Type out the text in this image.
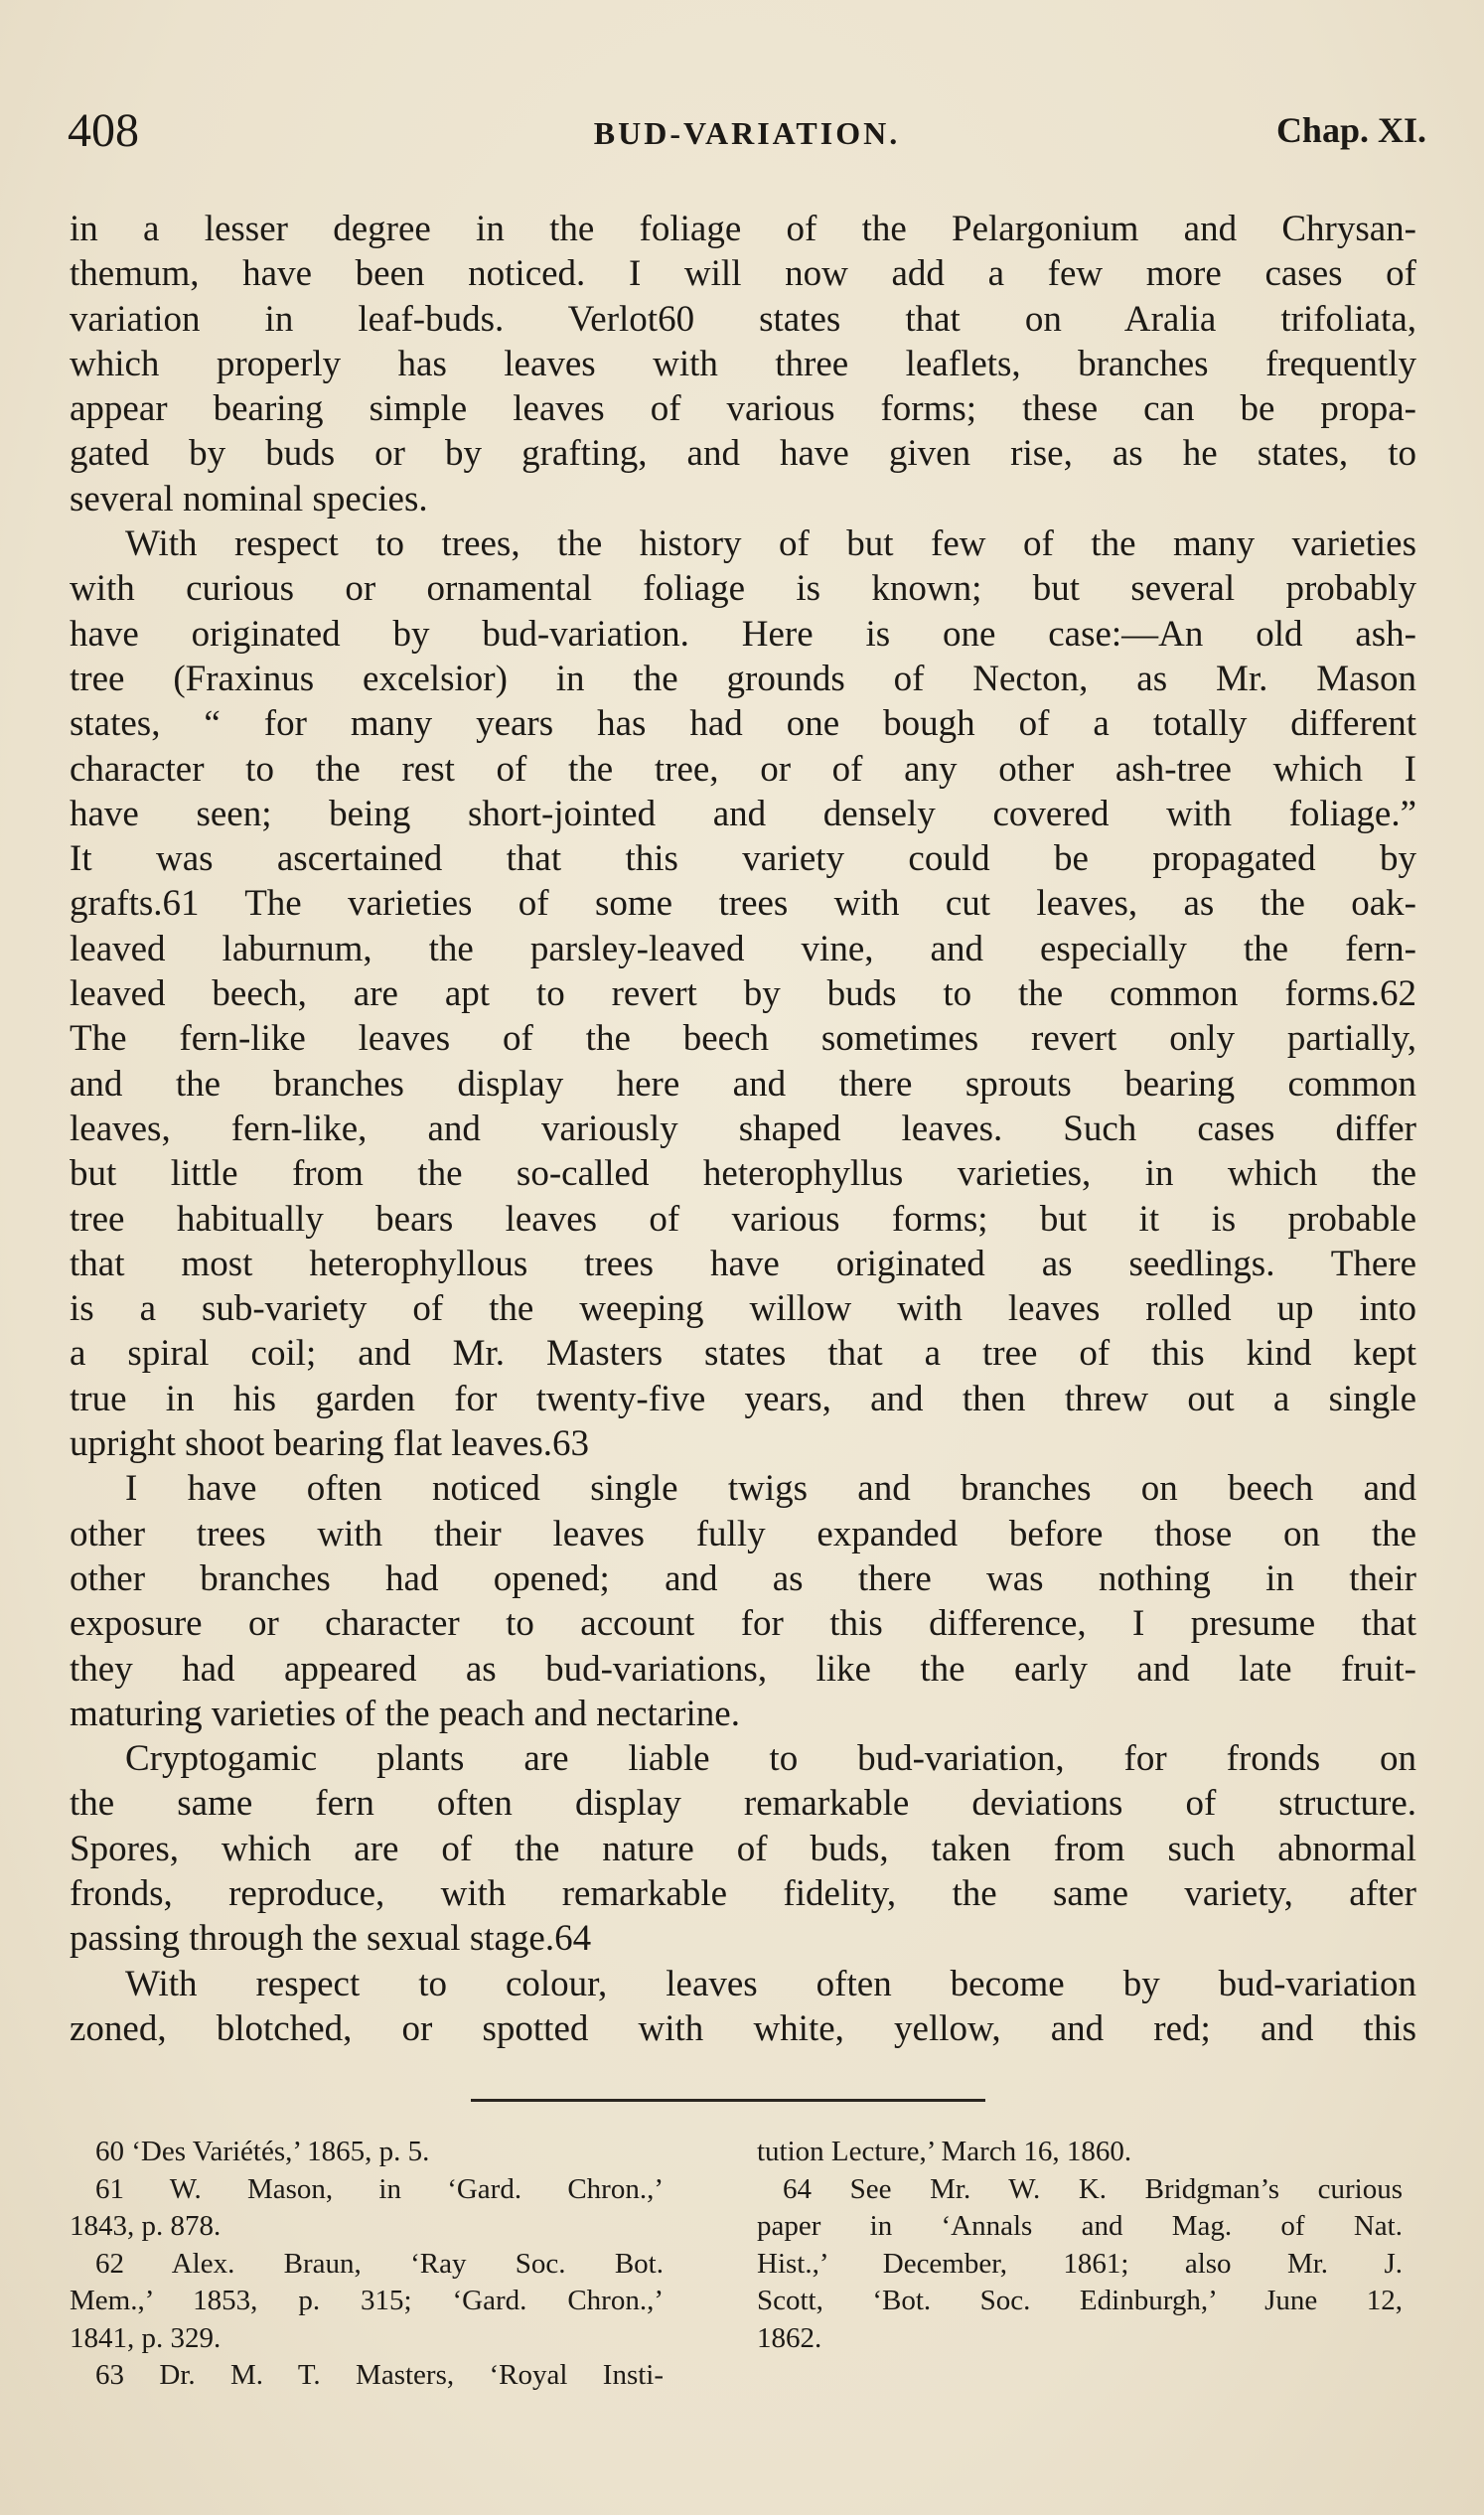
408	BUD-VARIATION.	Chap. XI.
in a lesser degree in the foliage of the Pelargonium and Chrysan-
themum, have been noticed. I will now add a few more cases of
variation in leaf-buds. Verlot60 states that on Aralia trifoliata,
which properly has leaves with three leaflets, branches frequently
appear bearing simple leaves of various forms; these can be propa-
gated by buds or by grafting, and have given rise, as he states, to
several nominal species.
With respect to trees, the history of but few of the many varieties
with curious or ornamental foliage is known; but several probably
have originated by bud-variation. Here is one case:—An old ash-
tree (Fraxinus excelsior) in the grounds of Necton, as Mr. Mason
states, “ for many years has had one bough of a totally different
character to the rest of the tree, or of any other ash-tree which I
have seen; being short-jointed and densely covered with foliage.”
It was ascertained that this variety could be propagated by
grafts.61 The varieties of some trees with cut leaves, as the oak-
leaved laburnum, the parsley-leaved vine, and especially the fern-
leaved beech, are apt to revert by buds to the common forms.62
The fern-like leaves of the beech sometimes revert only partially,
and the branches display here and there sprouts bearing common
leaves, fern-like, and variously shaped leaves. Such cases differ
but little from the so-called heterophyllus varieties, in which the
tree habitually bears leaves of various forms; but it is probable
that most heterophyllous trees have originated as seedlings. There
is a sub-variety of the weeping willow with leaves rolled up into
a spiral coil; and Mr. Masters states that a tree of this kind kept
true in his garden for twenty-five years, and then threw out a single
upright shoot bearing flat leaves.63
I have often noticed single twigs and branches on beech and
other trees with their leaves fully expanded before those on the
other branches had opened; and as there was nothing in their
exposure or character to account for this difference, I presume that
they had appeared as bud-variations, like the early and late fruit-
maturing varieties of the peach and nectarine.
Cryptogamic plants are liable to bud-variation, for fronds on
the same fern often display remarkable deviations of structure.
Spores, which are of the nature of buds, taken from such abnormal
fronds, reproduce, with remarkable fidelity, the same variety, after
passing through the sexual stage.64
With respect to colour, leaves often become by bud-variation
zoned, blotched, or spotted with white, yellow, and red; and this
60 ‘Des Variétés,’ 1865, p. 5.
61 W. Mason, in ‘Gard. Chron.,’
1843, p. 878.
62 Alex. Braun, ‘Ray Soc. Bot.
Mem.,’ 1853, p. 315; ‘Gard. Chron.,’
1841, p. 329.
63 Dr. M. T. Masters, ‘Royal Insti-
tution Lecture,’ March 16, 1860.
64 See Mr. W. K. Bridgman’s curious
paper in ‘Annals and Mag. of Nat.
Hist.,’ December, 1861; also Mr. J.
Scott, ‘Bot. Soc. Edinburgh,’ June 12,
1862.
